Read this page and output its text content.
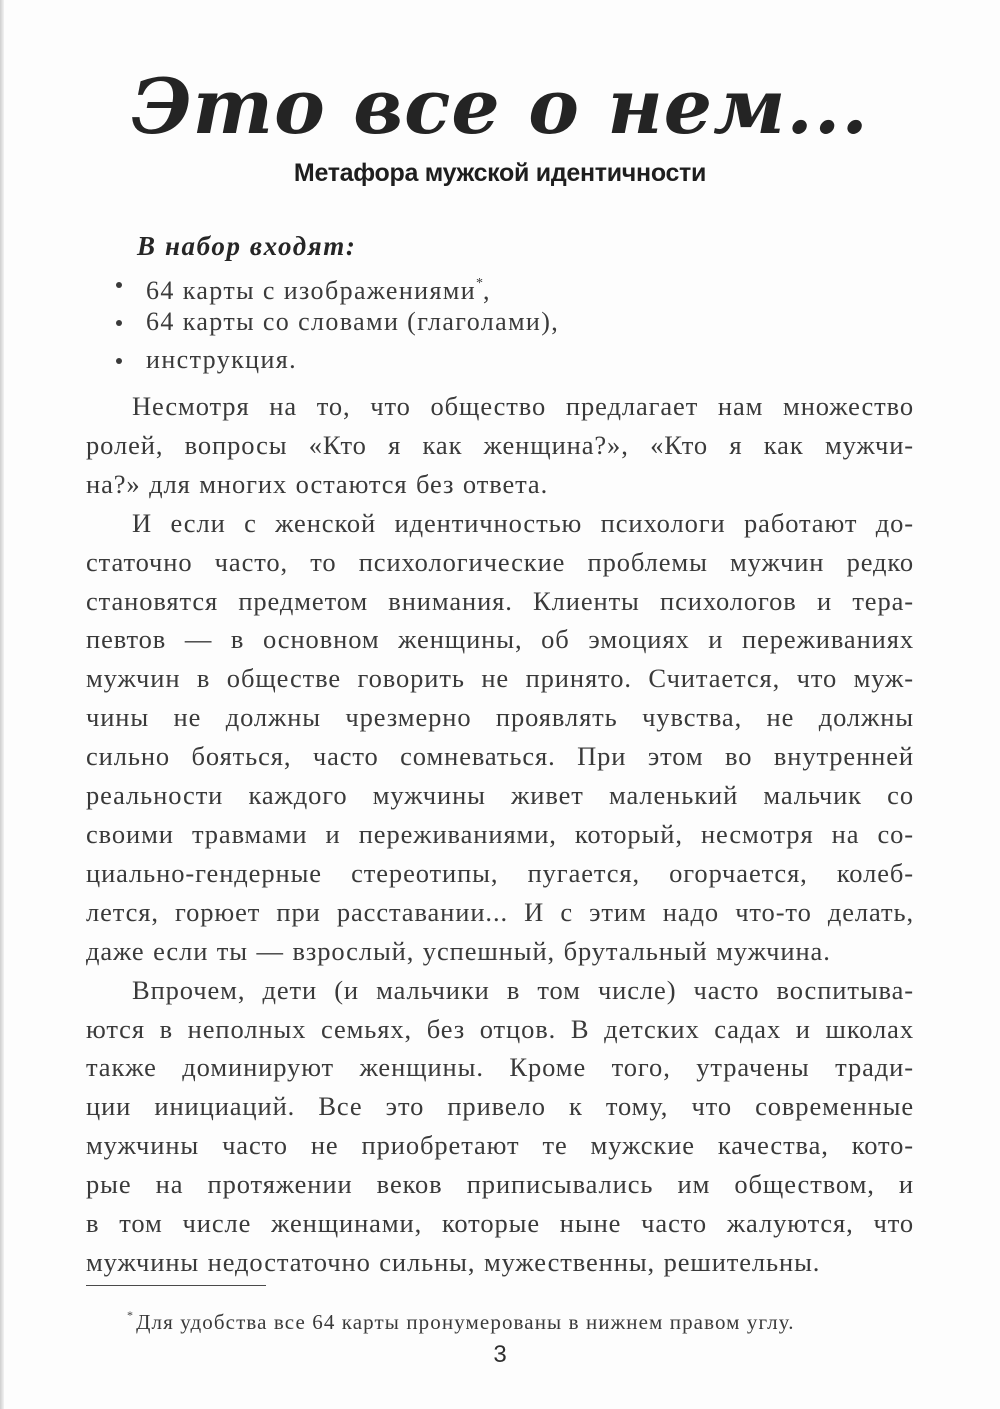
Это все о нем...
Метафора мужской идентичности
В набор входят:
64 карты с изображениями*,
64 карты со словами (глаголами),
инструкция.

Несмотря на то, что общество предлагает нам множество

ролей, вопросы «Кто я как женщина?», «Кто я как мужчи-

на?» для многих остаются без ответа.

И если с женской идентичностью психологи работают до-

статочно часто, то психологические проблемы мужчин редко

становятся предметом внимания. Клиенты психологов и тера-

певтов — в основном женщины, об эмоциях и переживаниях

мужчин в обществе говорить не принято. Считается, что муж-

чины не должны чрезмерно проявлять чувства, не должны

сильно бояться, часто сомневаться. При этом во внутренней

реальности каждого мужчины живет маленький мальчик со

своими травмами и переживаниями, который, несмотря на со-

циально-гендерные стереотипы, пугается, огорчается, колеб-

лется, горюет при расставании... И с этим надо что-то делать,

даже если ты — взрослый, успешный, брутальный мужчина.

Впрочем, дети (и мальчики в том числе) часто воспитыва-

ются в неполных семьях, без отцов. В детских садах и школах

также доминируют женщины. Кроме того, утрачены тради-

ции инициаций. Все это привело к тому, что современные

мужчины часто не приобретают те мужские качества, кото-

рые на протяжении веков приписывались им обществом, и

в том числе женщинами, которые ныне часто жалуются, что

мужчины недостаточно сильны, мужественны, решительны.

*Для удобства все 64 карты пронумерованы в нижнем правом углу.
3
